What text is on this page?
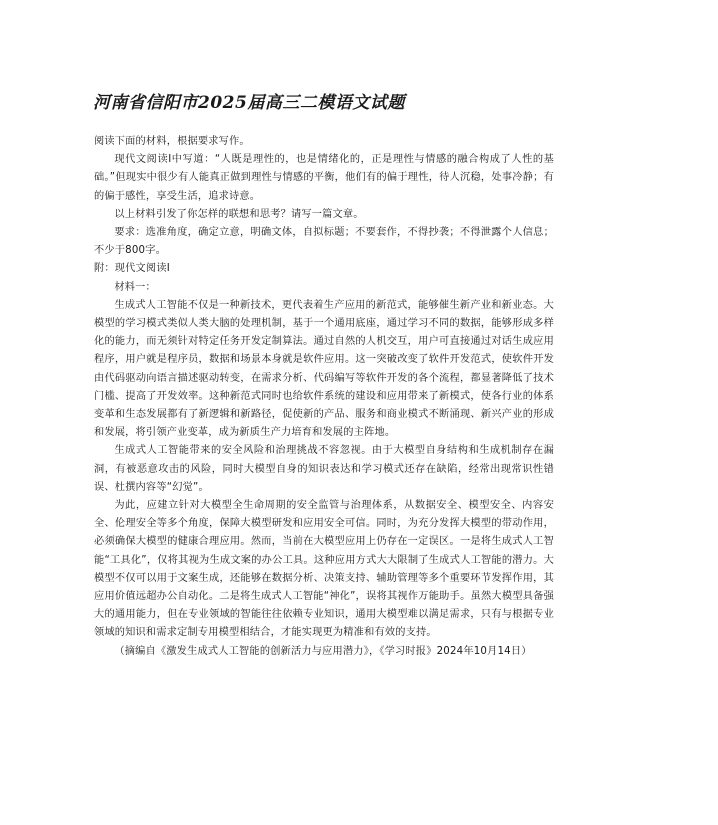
河南省信阳市2025届高三二模语文试题

阅读下面的材料，根据要求写作。

现代文阅读Ⅰ中写道：“人既是理性的，也是情绪化的，正是理性与情感的融合构成了人性的基础。”但现实中很少有人能真正做到理性与情感的平衡，他们有的偏于理性，待人沉稳，处事冷静；有的偏于感性，享受生活，追求诗意。

以上材料引发了你怎样的联想和思考？请写一篇文章。

要求：选准角度，确定立意，明确文体，自拟标题；不要套作，不得抄袭；不得泄露个人信息；不少于800字。

附：现代文阅读Ⅰ

材料一：

生成式人工智能不仅是一种新技术，更代表着生产应用的新范式，能够催生新产业和新业态。大模型的学习模式类似人类大脑的处理机制，基于一个通用底座，通过学习不同的数据，能够形成多样化的能力，而无须针对特定任务开发定制算法。通过自然的人机交互，用户可直接通过对话生成应用程序，用户就是程序员，数据和场景本身就是软件应用。这一突破改变了软件开发范式，使软件开发由代码驱动向语言描述驱动转变，在需求分析、代码编写等软件开发的各个流程，都显著降低了技术门槛、提高了开发效率。这种新范式同时也给软件系统的建设和应用带来了新模式，使各行业的体系变革和生态发展都有了新逻辑和新路径，促使新的产品、服务和商业模式不断涌现、新兴产业的形成和发展，将引领产业变革，成为新质生产力培育和发展的主阵地。

生成式人工智能带来的安全风险和治理挑战不容忽视。由于大模型自身结构和生成机制存在漏洞，有被恶意攻击的风险，同时大模型自身的知识表达和学习模式还存在缺陷，经常出现常识性错误、杜撰内容等“幻觉”。

为此，应建立针对大模型全生命周期的安全监管与治理体系，从数据安全、模型安全、内容安全、伦理安全等多个角度，保障大模型研发和应用安全可信。同时，为充分发挥大模型的带动作用，必须确保大模型的健康合理应用。然而，当前在大模型应用上仍存在一定误区。一是将生成式人工智能“工具化”，仅将其视为生成文案的办公工具。这种应用方式大大限制了生成式人工智能的潜力。大模型不仅可以用于文案生成，还能够在数据分析、决策支持、辅助管理等多个重要环节发挥作用，其应用价值远超办公自动化。二是将生成式人工智能“神化”，误将其视作万能助手。虽然大模型具备强大的通用能力，但在专业领域的智能往往依赖专业知识，通用大模型难以满足需求，只有与根据专业领域的知识和需求定制专用模型相结合，才能实现更为精准和有效的支持。

（摘编自《激发生成式人工智能的创新活力与应用潜力》，《学习时报》2024年10月14日）
